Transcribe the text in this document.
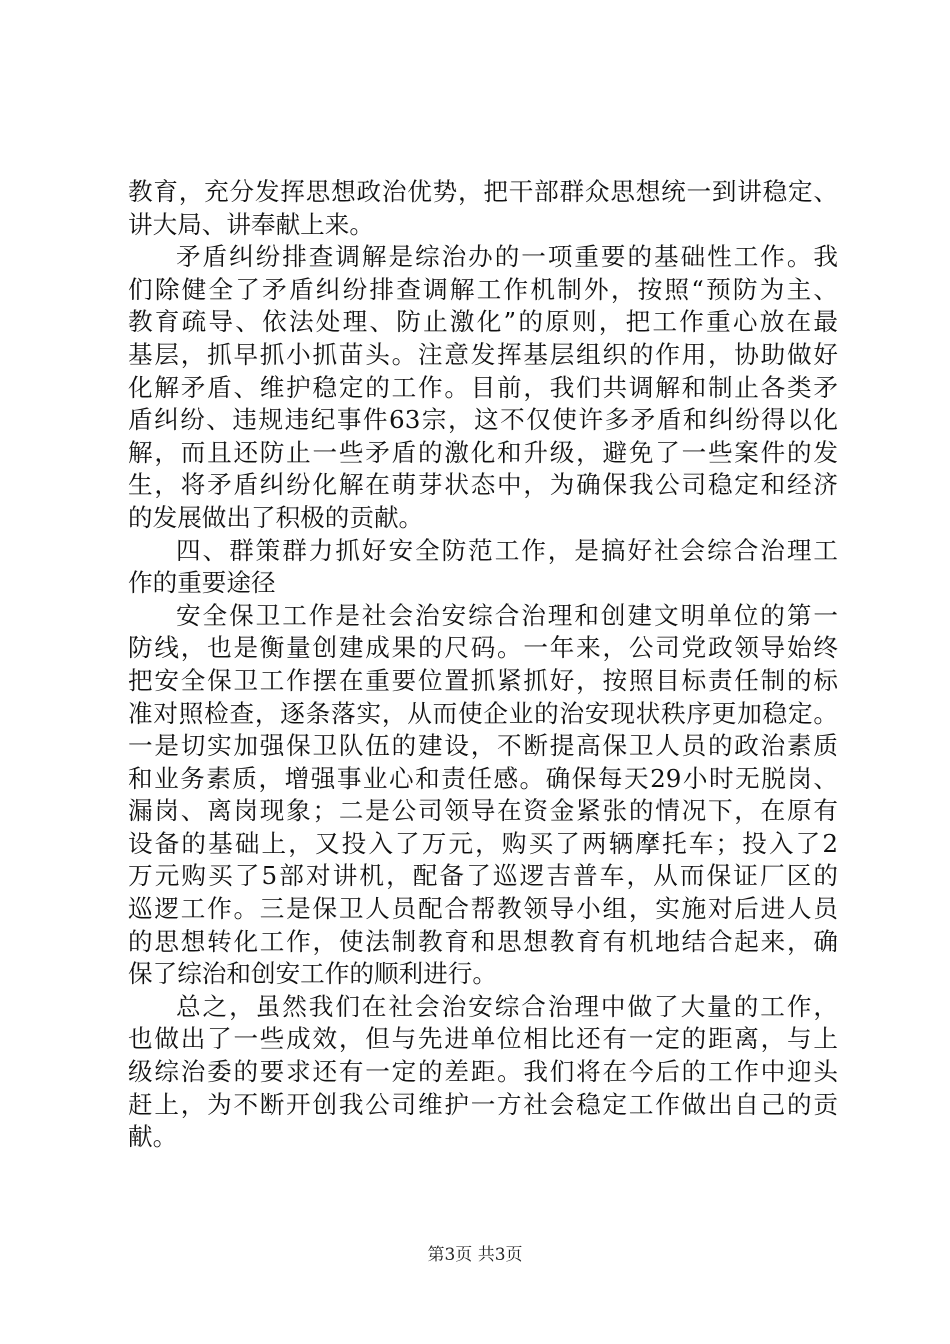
教育，充分发挥思想政治优势，把干部群众思想统一到讲稳定、
讲大局、讲奉献上来。
矛盾纠纷排查调解是综治办的一项重要的基础性工作。我
们除健全了矛盾纠纷排查调解工作机制外，按照“预防为主、
教育疏导、依法处理、防止激化”的原则，把工作重心放在最
基层，抓早抓小抓苗头。注意发挥基层组织的作用，协助做好
化解矛盾、维护稳定的工作。目前，我们共调解和制止各类矛
盾纠纷、违规违纪事件63宗，这不仅使许多矛盾和纠纷得以化
解，而且还防止一些矛盾的激化和升级，避免了一些案件的发
生，将矛盾纠纷化解在萌芽状态中，为确保我公司稳定和经济
的发展做出了积极的贡献。
四、群策群力抓好安全防范工作，是搞好社会综合治理工
作的重要途径
安全保卫工作是社会治安综合治理和创建文明单位的第一
防线，也是衡量创建成果的尺码。一年来，公司党政领导始终
把安全保卫工作摆在重要位置抓紧抓好，按照目标责任制的标
准对照检查，逐条落实，从而使企业的治安现状秩序更加稳定。
一是切实加强保卫队伍的建设，不断提高保卫人员的政治素质
和业务素质，增强事业心和责任感。确保每天29小时无脱岗、
漏岗、离岗现象；二是公司领导在资金紧张的情况下，在原有
设备的基础上，又投入了万元，购买了两辆摩托车；投入了2
万元购买了5部对讲机，配备了巡逻吉普车，从而保证厂区的
巡逻工作。三是保卫人员配合帮教领导小组，实施对后进人员
的思想转化工作，使法制教育和思想教育有机地结合起来，确
保了综治和创安工作的顺利进行。
总之，虽然我们在社会治安综合治理中做了大量的工作，
也做出了一些成效，但与先进单位相比还有一定的距离，与上
级综治委的要求还有一定的差距。我们将在今后的工作中迎头
赶上，为不断开创我公司维护一方社会稳定工作做出自己的贡
献。
第3页 共3页
